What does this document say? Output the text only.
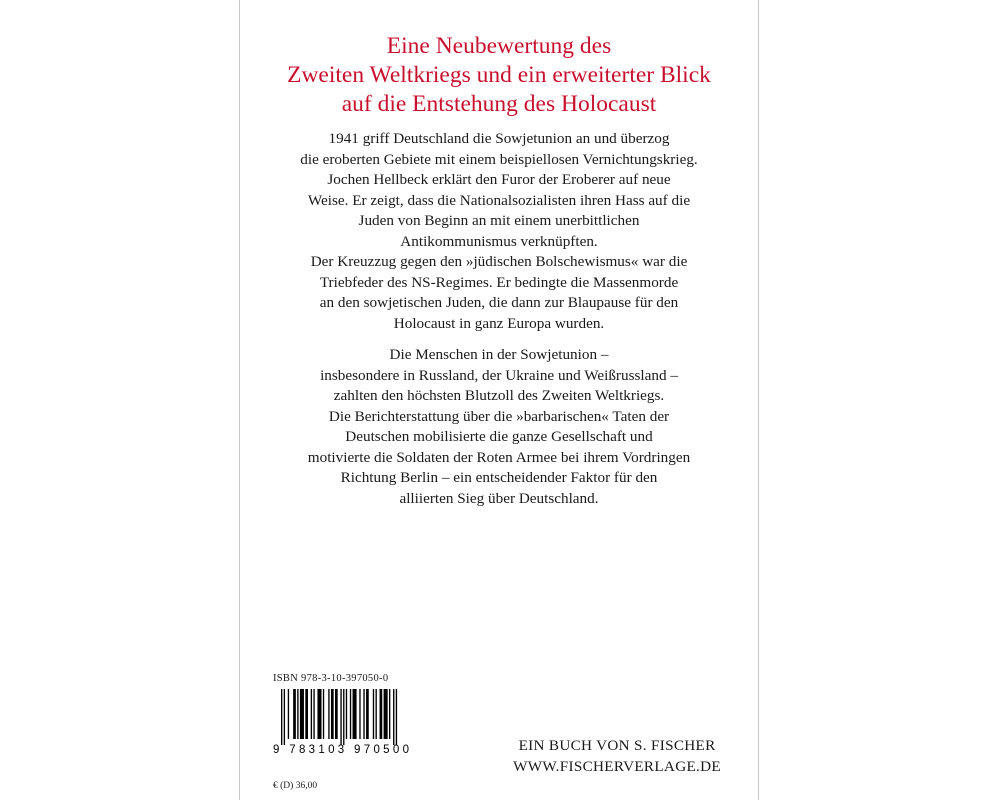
Eine Neubewertung des
Zweiten Weltkriegs und ein erweiterter Blick
auf die Entstehung des Holocaust
1941 griff Deutschland die Sowjetunion an und überzog
die eroberten Gebiete mit einem beispiellosen Vernichtungskrieg.
Jochen Hellbeck erklärt den Furor der Eroberer auf neue
Weise. Er zeigt, dass die Nationalsozialisten ihren Hass auf die
Juden von Beginn an mit einem unerbittlichen
Antikommunismus verknüpften.
Der Kreuzzug gegen den »jüdischen Bolschewismus« war die
Triebfeder des NS-Regimes. Er bedingte die Massenmorde
an den sowjetischen Juden, die dann zur Blaupause für den
Holocaust in ganz Europa wurden.
Die Menschen in der Sowjetunion –
insbesondere in Russland, der Ukraine und Weißrussland –
zahlten den höchsten Blutzoll des Zweiten Weltkriegs.
Die Berichterstattung über die »barbarischen« Taten der
Deutschen mobilisierte die ganze Gesellschaft und
motivierte die Soldaten der Roten Armee bei ihrem Vordringen
Richtung Berlin – ein entscheidender Faktor für den
alliierten Sieg über Deutschland.
ISBN 978-3-10-397050-0
9 783103 970500
€ (D) 36,00
EIN BUCH VON S. FISCHER
WWW.FISCHERVERLAGE.DE
